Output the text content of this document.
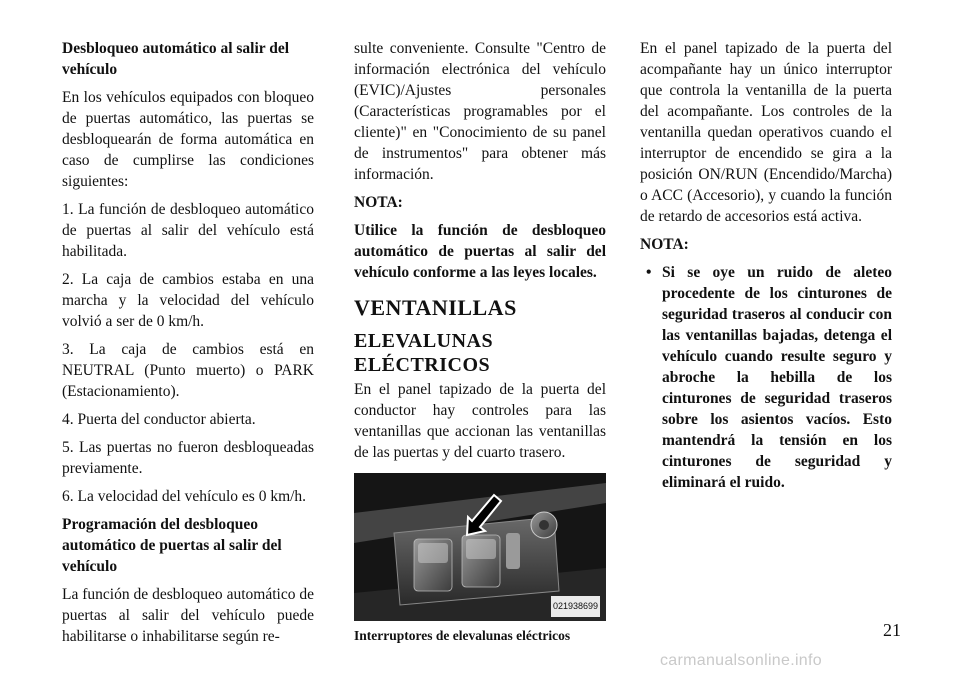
Desbloqueo automático al salir del vehículo

En los vehículos equipados con bloqueo de puertas automático, las puertas se desbloquearán de forma automática en caso de cumplirse las condiciones siguientes:

1. La función de desbloqueo automático de puertas al salir del vehículo está habilitada.

2. La caja de cambios estaba en una marcha y la velocidad del vehículo volvió a ser de 0 km/h.

3. La caja de cambios está en NEUTRAL (Punto muerto) o PARK (Estacionamiento).

4. Puerta del conductor abierta.

5. Las puertas no fueron desbloqueadas previamente.

6. La velocidad del vehículo es 0 km/h.

Programación del desbloqueo automático de puertas al salir del vehículo

La función de desbloqueo automático de puertas al salir del vehículo puede habilitarse o inhabilitarse según re-

sulte conveniente. Consulte "Centro de información electrónica del vehículo (EVIC)/Ajustes personales (Características programables por el cliente)" en "Conocimiento de su panel de instrumentos" para obtener más información.

NOTA:

Utilice la función de desbloqueo automático de puertas al salir del vehículo conforme a las leyes locales.

VENTANILLAS
ELEVALUNAS ELÉCTRICOS

En el panel tapizado de la puerta del conductor hay controles para las ventanillas que accionan las ventanillas de las puertas y del cuarto trasero.

021938699
Interruptores de elevalunas eléctricos

En el panel tapizado de la puerta del acompañante hay un único interruptor que controla la ventanilla de la puerta del acompañante. Los controles de la ventanilla quedan operativos cuando el interruptor de encendido se gira a la posición ON/RUN (Encendido/Marcha) o ACC (Accesorio), y cuando la función de retardo de accesorios está activa.

NOTA:

• Si se oye un ruido de aleteo procedente de los cinturones de seguridad traseros al conducir con las ventanillas bajadas, detenga el vehículo cuando resulte seguro y abroche la hebilla de los cinturones de seguridad traseros sobre los asientos vacíos. Esto mantendrá la tensión en los cinturones de seguridad y eliminará el ruido.
21
carmanualsonline.info
